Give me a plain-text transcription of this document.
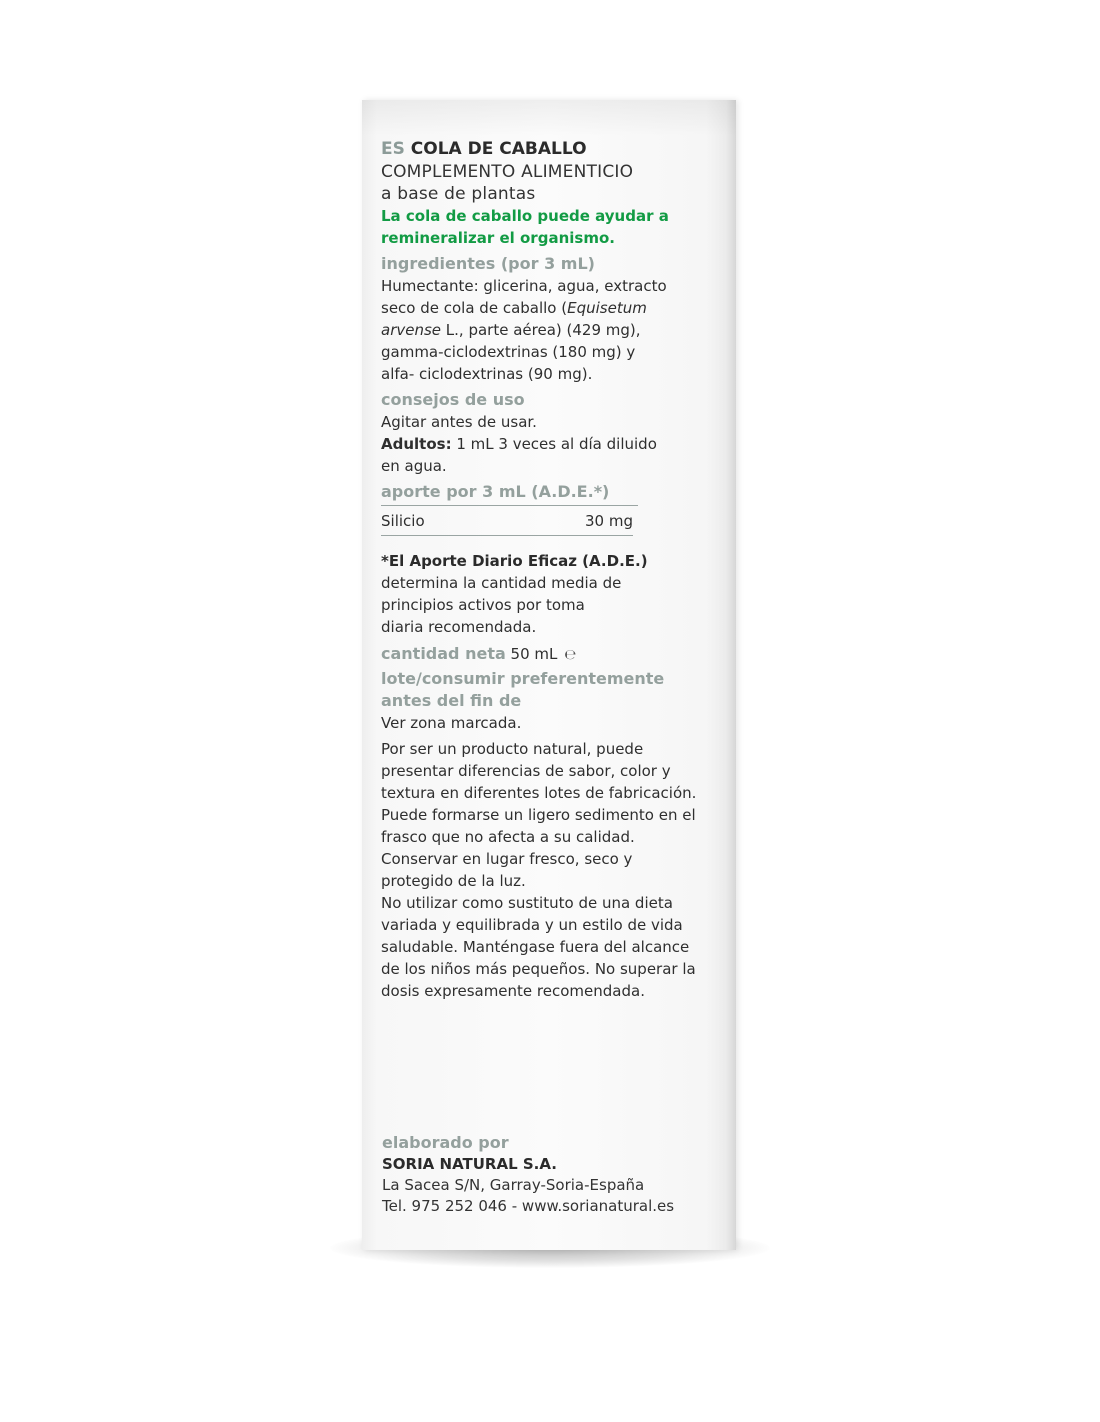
ES COLA DE CABALLO
COMPLEMENTO ALIMENTICIO
a base de plantas
La cola de caballo puede ayudar a
remineralizar el organismo.
ingredientes (por 3 mL)
Humectante: glicerina, agua, extracto
seco de cola de caballo (Equisetum
arvense L., parte aérea) (429 mg),
gamma-ciclodextrinas (180 mg) y
alfa- ciclodextrinas (90 mg).
consejos de uso
Agitar antes de usar.
Adultos: 1 mL 3 veces al día diluido
en agua.
aporte por 3 mL (A.D.E.*)
Silicio	30 mg
*El Aporte Diario Eficaz (A.D.E.)
determina la cantidad media de
principios activos por toma
diaria recomendada.
cantidad neta 50 mL ℮
lote/consumir preferentemente
antes del fin de
Ver zona marcada.
Por ser un producto natural, puede
presentar diferencias de sabor, color y
textura en diferentes lotes de fabricación.
Puede formarse un ligero sedimento en el
frasco que no afecta a su calidad.
Conservar en lugar fresco, seco y
protegido de la luz.
No utilizar como sustituto de una dieta
variada y equilibrada y un estilo de vida
saludable. Manténgase fuera del alcance
de los niños más pequeños. No superar la
dosis expresamente recomendada.
elaborado por
SORIA NATURAL S.A.
La Sacea S/N, Garray-Soria-España
Tel. 975 252 046 - www.sorianatural.es
